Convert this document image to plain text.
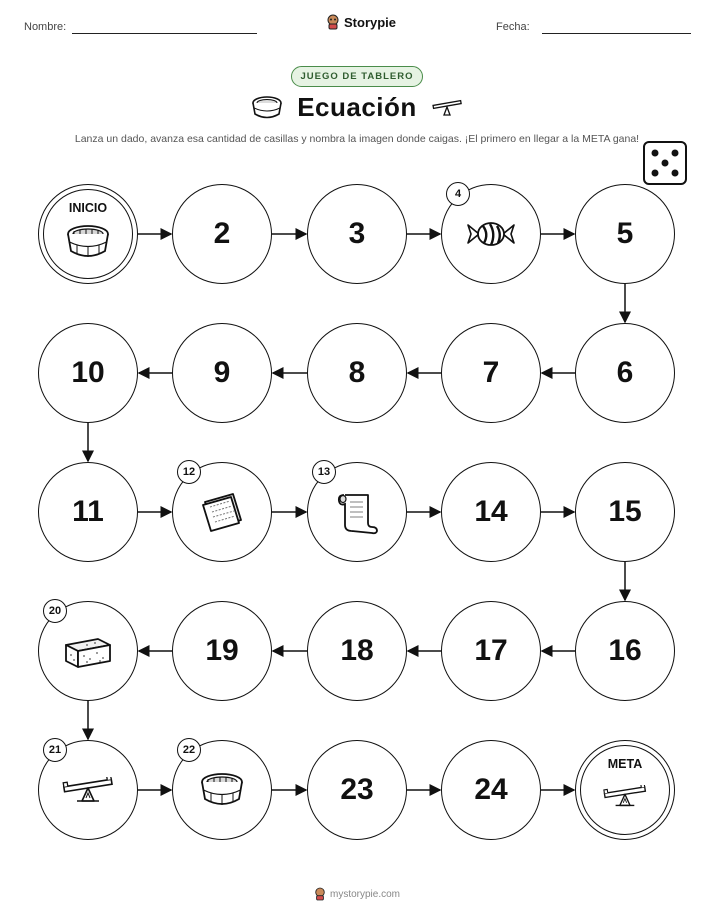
Nombre:	Storypie	Fecha:
JUEGO DE TABLERO
Ecuación
Lanza un dado, avanza esa cantidad de casillas y nombra la imagen donde caigas. ¡El primero en llegar a la META gana!
INICIO
2	3
4
5
6
7
8
9
10
11
12	13
14	15
16
17
18
19
20
21	22
23	24
META
mystorypie.com
